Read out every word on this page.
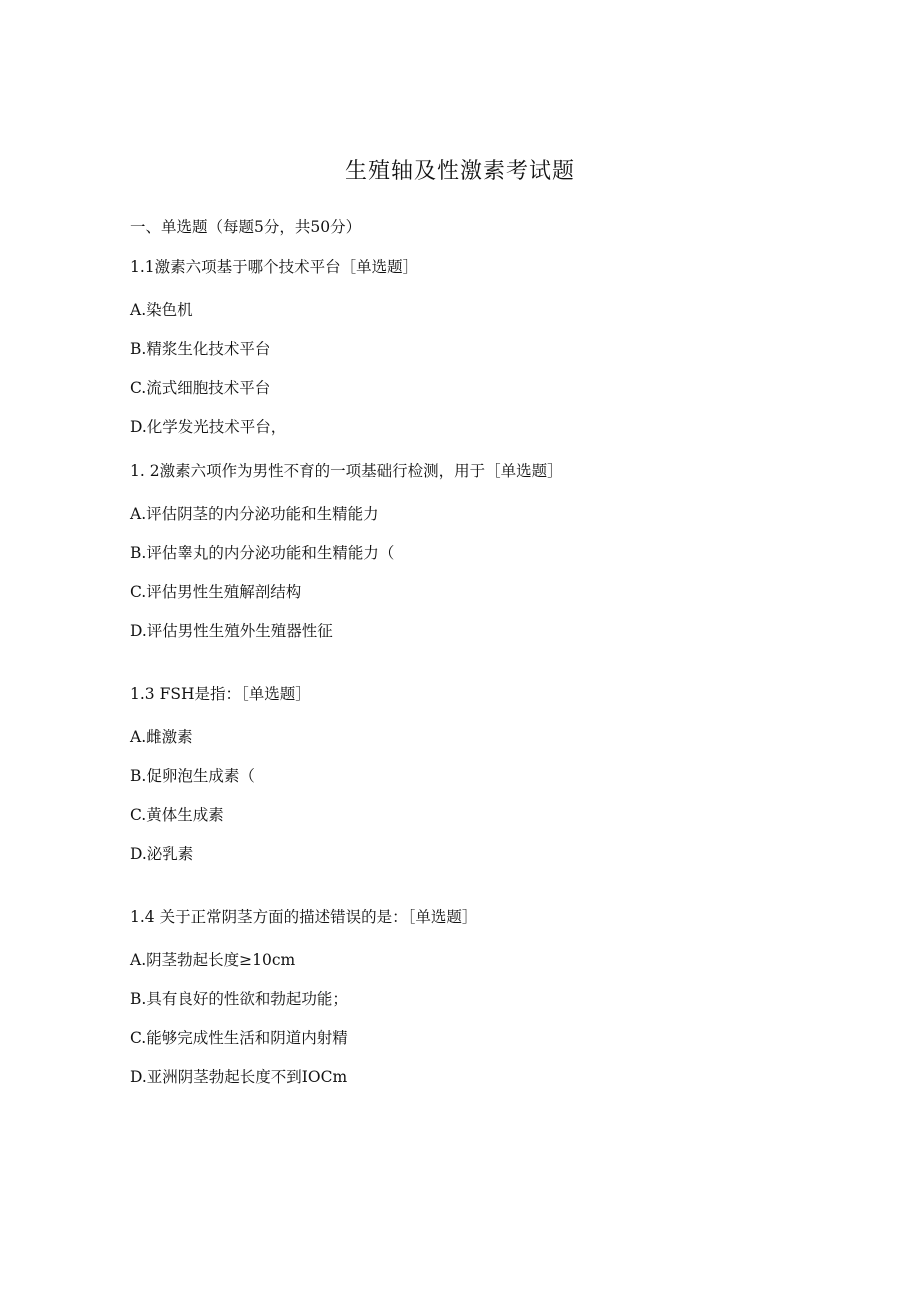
生殖轴及性激素考试题
一、单选题（每题5分，共50分）
1.1激素六项基于哪个技术平台［单选题］
A.染色机
B.精浆生化技术平台
C.流式细胞技术平台
D.化学发光技术平台，
1. 2激素六项作为男性不育的一项基础行检测，用于［单选题］
A.评估阴茎的内分泌功能和生精能力
B.评估睾丸的内分泌功能和生精能力（
C.评估男性生殖解剖结构
D.评估男性生殖外生殖器性征
1.3 FSH是指：［单选题］
A.雌激素
B.促卵泡生成素（
C.黄体生成素
D.泌乳素
1.4 关于正常阴茎方面的描述错误的是：［单选题］
A.阴茎勃起长度≥10cm
B.具有良好的性欲和勃起功能；
C.能够完成性生活和阴道内射精
D.亚洲阴茎勃起长度不到IOCm
